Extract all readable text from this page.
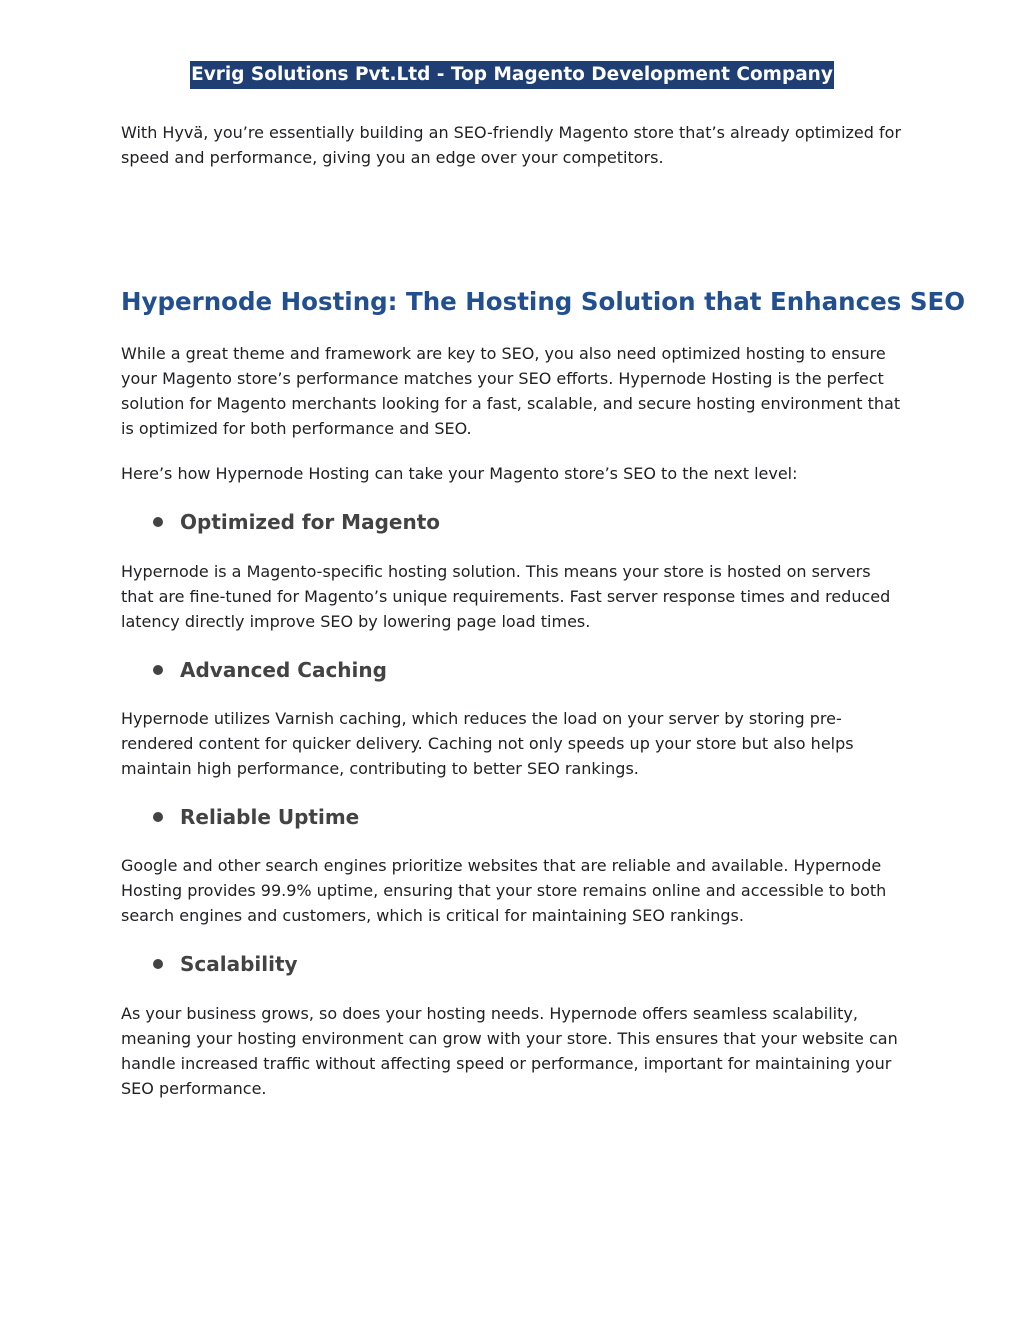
Evrig Solutions Pvt.Ltd - Top Magento Development Company

With Hyvä, you’re essentially building an SEO-friendly Magento store that’s already optimized for speed and performance, giving you an edge over your competitors.

Hypernode Hosting: The Hosting Solution that Enhances SEO

While a great theme and framework are key to SEO, you also need optimized hosting to ensure your Magento store’s performance matches your SEO efforts. Hypernode Hosting is the perfect solution for Magento merchants looking for a fast, scalable, and secure hosting environment that is optimized for both performance and SEO.

Here’s how Hypernode Hosting can take your Magento store’s SEO to the next level:

Optimized for Magento

Hypernode is a Magento-specific hosting solution. This means your store is hosted on servers that are fine-tuned for Magento’s unique requirements. Fast server response times and reduced latency directly improve SEO by lowering page load times.

Advanced Caching

Hypernode utilizes Varnish caching, which reduces the load on your server by storing pre-rendered content for quicker delivery. Caching not only speeds up your store but also helps maintain high performance, contributing to better SEO rankings.

Reliable Uptime

Google and other search engines prioritize websites that are reliable and available. Hypernode Hosting provides 99.9% uptime, ensuring that your store remains online and accessible to both search engines and customers, which is critical for maintaining SEO rankings.

Scalability

As your business grows, so does your hosting needs. Hypernode offers seamless scalability, meaning your hosting environment can grow with your store. This ensures that your website can handle increased traffic without affecting speed or performance, important for maintaining your SEO performance.
